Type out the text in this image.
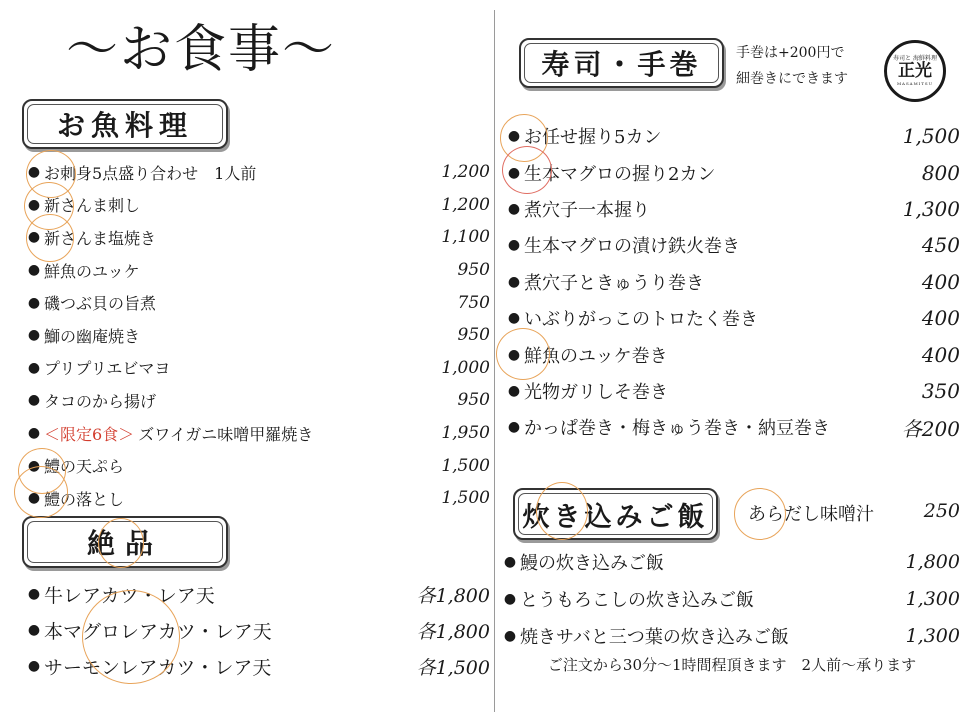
〜お食事〜
お魚料理
● お刺身5点盛り合わせ　1人前	1,200
● 新さんま刺し	1,200
● 新さんま塩焼き	1,100
● 鮮魚のユッケ	950
● 磯つぶ貝の旨煮	750
● 鰤の幽庵焼き	950
● プリプリエビマヨ	1,000
● タコのから揚げ	950
● ＜限定6食＞ ズワイガニ味噌甲羅焼き	1,950
● 鱧の天ぷら	1,500
● 鱧の落とし	1,500
絶品
● 牛レアカツ・レア天	各1,800
● 本マグロレアカツ・レア天	各1,800
● サーモンレアカツ・レア天	各1,500
寿司・手巻	手巻は+200円で
細巻きにできます
寿司と 海鮮料理
正光
MASAMITSU
● お任せ握り5カン	1,500
● 生本マグロの握り2カン	800
● 煮穴子一本握り	1,300
● 生本マグロの漬け鉄火巻き	450
● 煮穴子ときゅうり巻き	400
● いぶりがっこのトロたく巻き	400
● 鮮魚のユッケ巻き	400
● 光物ガリしそ巻き	350
● かっぱ巻き・梅きゅう巻き・納豆巻き	各200
炊き込みご飯	あらだし味噌汁	250
● 鰻の炊き込みご飯	1,800
● とうもろこしの炊き込みご飯	1,300
● 焼きサバと三つ葉の炊き込みご飯	1,300
ご注文から30分〜1時間程頂きます　2人前〜承ります
